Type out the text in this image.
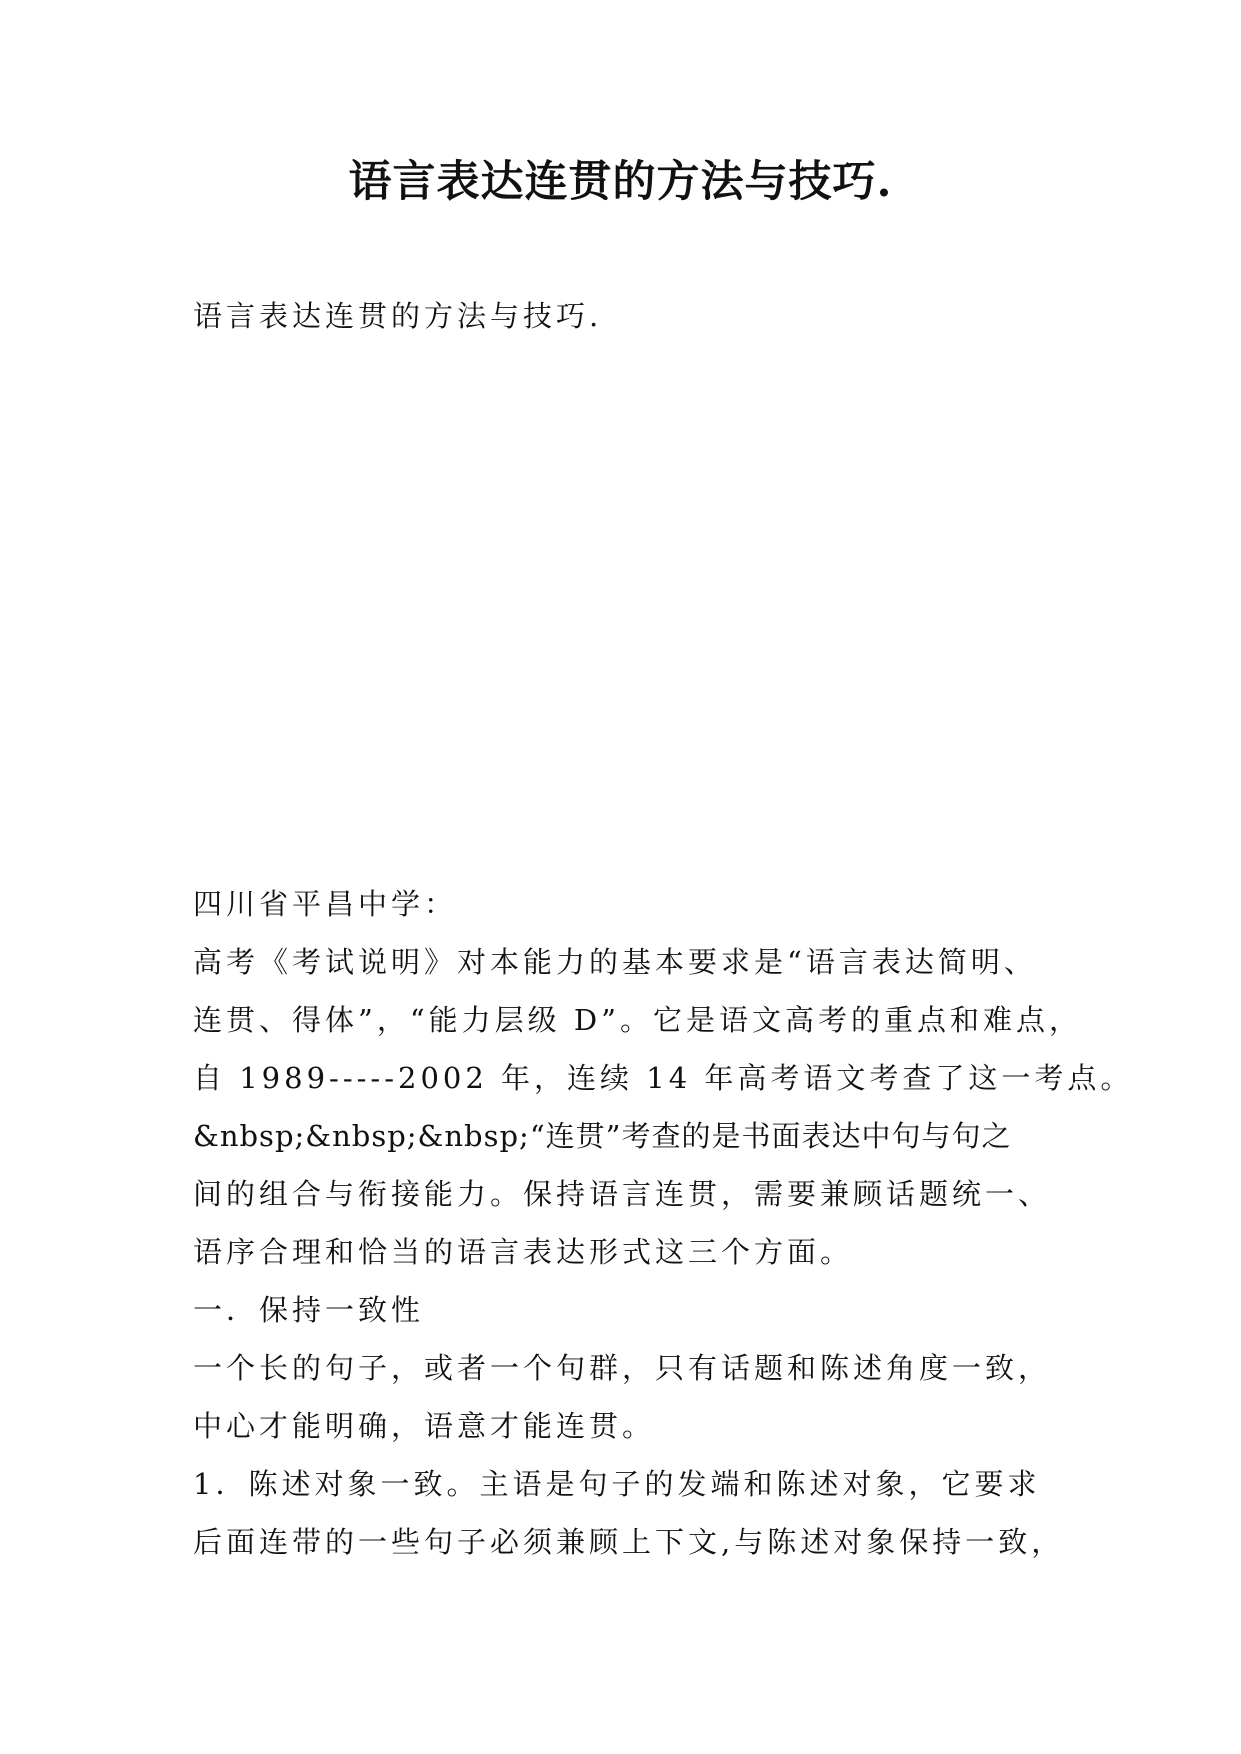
语言表达连贯的方法与技巧.
语言表达连贯的方法与技巧.
四川省平昌中学：
高考《考试说明》对本能力的基本要求是“语言表达简明、
连贯、得体”，“能力层级 D”。它是语文高考的重点和难点，
自 1989-----2002 年，连续 14 年高考语文考查了这一考点。
&nbsp;&nbsp;&nbsp;“连贯”考查的是书面表达中句与句之
间的组合与衔接能力。保持语言连贯，需要兼顾话题统一、
语序合理和恰当的语言表达形式这三个方面。
一．保持一致性
一个长的句子，或者一个句群，只有话题和陈述角度一致，
中心才能明确，语意才能连贯。
1．陈述对象一致。主语是句子的发端和陈述对象，它要求
后面连带的一些句子必须兼顾上下文,与陈述对象保持一致，
